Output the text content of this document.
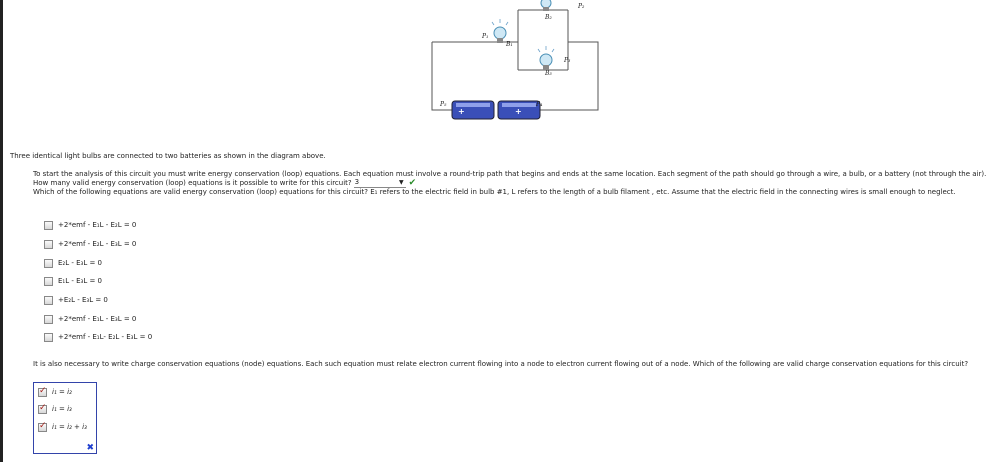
P₁
B₁
P₂
B₂
P₃
B₃
P₅	P₄
+	+
Three identical light bulbs are connected to two batteries as shown in the diagram above.

To start the analysis of this circuit you must write energy conservation (loop) equations. Each equation must involve a round-trip path that begins and ends at the same location. Each segment of the path should go through a wire, a bulb, or a battery (not through the air). How many valid energy conservation (loop) equations is it possible to write for this circuit? 3	▼ ✔

Which of the following equations are valid energy conservation (loop) equations for this circuit? E₁ refers to the electric field in bulb #1, L refers to the length of a bulb filament , etc. Assume that the electric field in the connecting wires is small enough to neglect.

+2*emf - E₁L - E₂L = 0
+2*emf - E₂L - E₃L = 0
E₂L - E₃L = 0
E₁L - E₃L = 0
+E₂L - E₃L = 0
+2*emf - E₁L - E₃L = 0
+2*emf - E₁L- E₂L - E₃L = 0

It is also necessary to write charge conservation equations (node) equations. Each such equation must relate electron current flowing into a node to electron current flowing out of a node. Which of the following are valid charge conservation equations for this circuit?

✓
i₁ = i₂
✓
i₁ = i₃
✓
i₁ = i₂ + i₃
✖
